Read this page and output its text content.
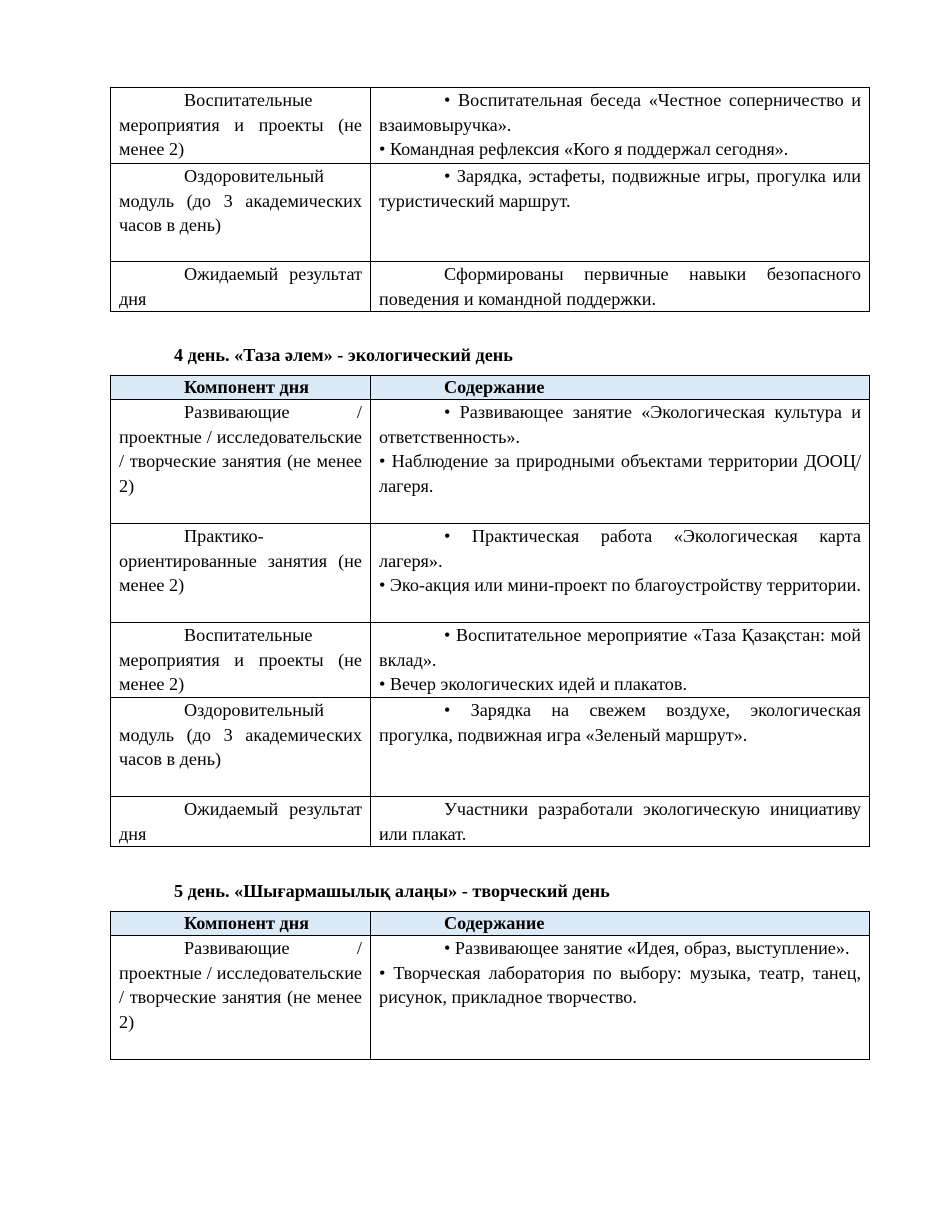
Воспитательные мероприятия и проекты (не менее 2)	• Воспитательная беседа «Честное соперничество и взаимовыручка».
• Командная рефлексия «Кого я поддержал сегодня».

Оздоровительный модуль (до 3 академических часов в день)	• Зарядка, эстафеты, подвижные игры, прогулка или туристический маршрут.

Ожидаемый результат дня	Сформированы первичные навыки безопасного поведения и командной поддержки.
4 день. «Таза әлем» - экологический день
Компонент дня	Содержание

Развивающие / проектные / исследовательские / творческие занятия (не менее 2)	• Развивающее занятие «Экологическая культура и ответственность».
• Наблюдение за природными объектами территории ДООЦ/лагеря.

Практико-ориентированные занятия (не менее 2)	• Практическая работа «Экологическая карта лагеря».
• Эко-акция или мини-проект по благоустройству территории.

Воспитательные мероприятия и проекты (не менее 2)	• Воспитательное мероприятие «Таза Қазақстан: мой вклад».
• Вечер экологических идей и плакатов.

Оздоровительный модуль (до 3 академических часов в день)	• Зарядка на свежем воздухе, экологическая прогулка, подвижная игра «Зеленый маршрут».

Ожидаемый результат дня	Участники разработали экологическую инициативу или плакат.
5 день. «Шығармашылық алаңы» - творческий день
Компонент дня	Содержание

Развивающие / проектные / исследовательские / творческие занятия (не менее 2)	• Развивающее занятие «Идея, образ, выступление».
• Творческая лаборатория по выбору: музыка, театр, танец, рисунок, прикладное творчество.
